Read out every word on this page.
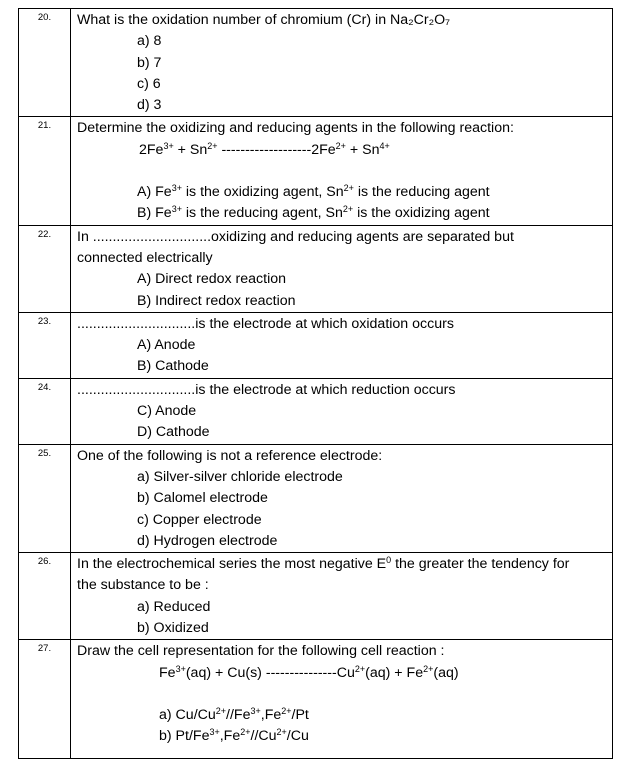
20.	What is the oxidation number of chromium (Cr) in Na₂Cr₂O₇
a) 8
b) 7
c) 6
d) 3

21.	Determine the oxidizing and reducing agents in the following reaction:
$2Fe^{3+} + Sn^{2+}$ $-------------------2Fe^{2+} + Sn^{4+}$
A) $Fe^{3+}$ is the oxidizing agent, $Sn^{2+}$ is the reducing agent
B) $Fe^{3+}$ is the reducing agent, $Sn^{2+}$ is the oxidizing agent

22.	In ..............................oxidizing and reducing agents are separated but connected electrically
A) Direct redox reaction
B) Indirect redox reaction

23.	..............................is the electrode at which oxidation occurs
A) Anode
B) Cathode

24.	..............................is the electrode at which reduction occurs
C) Anode
D) Cathode

25.	One of the following is not a reference electrode:
a) Silver-silver chloride electrode
b) Calomel electrode
c) Copper electrode
d) Hydrogen electrode

26.	In the electrochemical series the most negative $E^0$ the greater the tendency for the substance to be :
a) Reduced
b) Oxidized

27.	Draw the cell representation for the following cell reaction :
$Fe^{3+}(aq) + Cu(s) ---------------Cu^{2+}(aq) + Fe^{2+}(aq)$
a) $Cu/Cu^{2+}//Fe^{3+},Fe^{2+}/Pt$
b) $Pt/Fe^{3+},Fe^{2+}//Cu^{2+}/Cu$
